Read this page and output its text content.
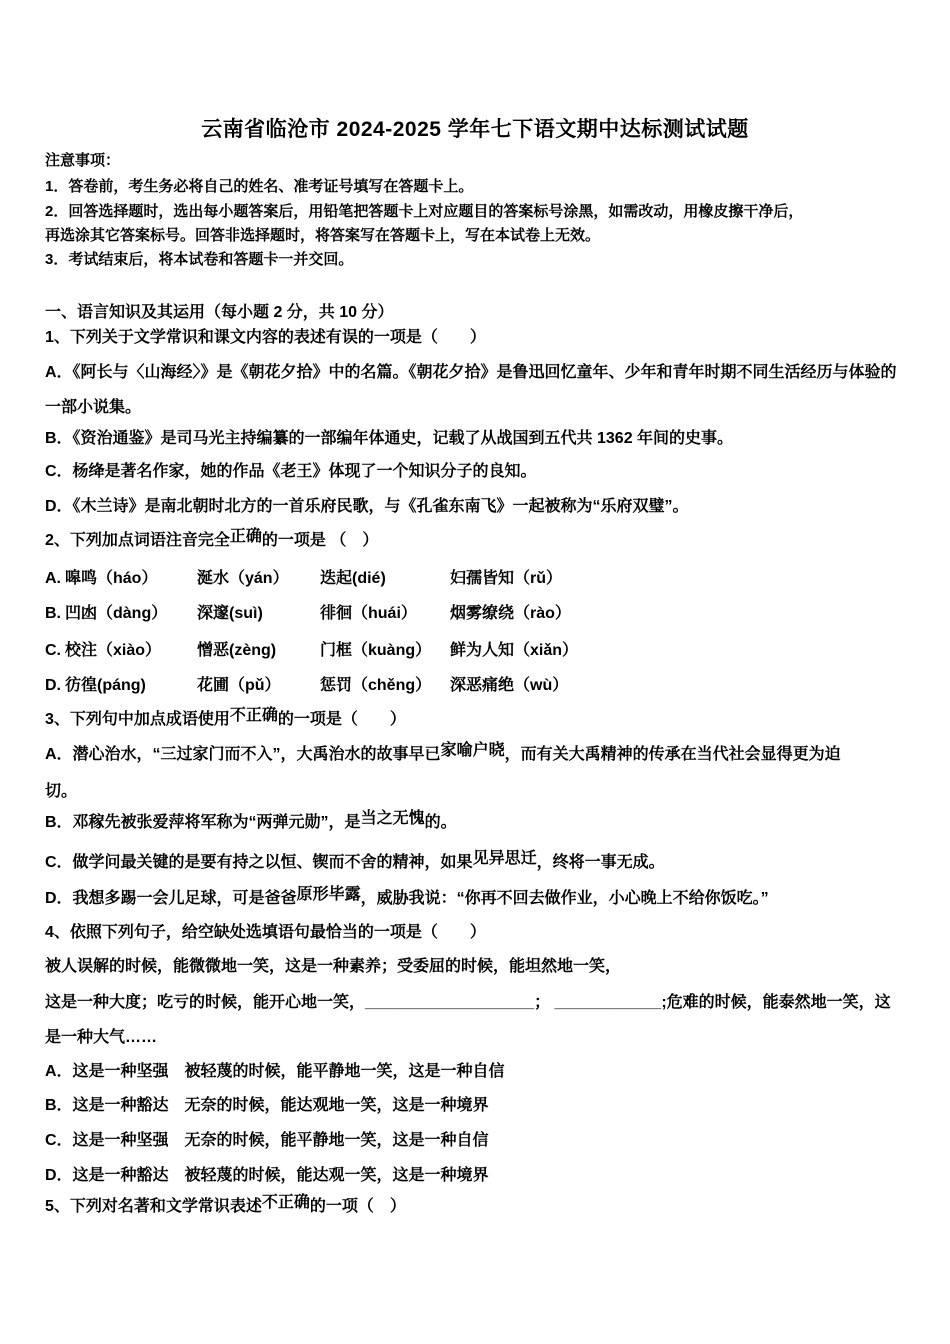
云南省临沧市 2024-2025 学年七下语文期中达标测试试题

注意事项：

1．答卷前，考生务必将自己的姓名、准考证号填写在答题卡上。

2．回答选择题时，选出每小题答案后，用铅笔把答题卡上对应题目的答案标号涂黑，如需改动，用橡皮擦干净后，

再选涂其它答案标号。回答非选择题时，将答案写在答题卡上，写在本试卷上无效。

3．考试结束后，将本试卷和答题卡一并交回。

一、语言知识及其运用（每小题 2 分，共 10 分）

1、下列关于文学常识和课文内容的表述有误的一项是（　　）

A．《阿长与〈山海经〉》是《朝花夕拾》中的名篇。《朝花夕拾》是鲁迅回忆童年、少年和青年时期不同生活经历与体验的

一部小说集。

B．《资治通鉴》是司马光主持编纂的一部编年体通史，记载了从战国到五代共 1362 年间的史事。

C．杨绛是著名作家，她的作品《老王》体现了一个知识分子的良知。

D．《木兰诗》是南北朝时北方的一首乐府民歌，与《孔雀东南飞》一起被称为“乐府双璧”。

2、下列加点词语注音完全正确的一项是 （　）

A. 嗥鸣（háo）	涎水（yán）	迭起(dié)	妇孺皆知（rǔ）
B. 凹凼（dàng）	深邃(suì)	徘徊（huái）	烟雾缭绕（rào）
C. 校注（xiào）	憎恶(zèng)	门框（kuàng）	鲜为人知（xiǎn）
D. 彷徨(páng)	花圃（pǔ）	惩罚（chěng）	深恶痛绝（wù）

3、下列句中加点成语使用不正确的一项是（　　）

A．潜心治水，“三过家门而不入”，大禹治水的故事早已家喻户晓，而有关大禹精神的传承在当代社会显得更为迫

切。

B．邓稼先被张爱萍将军称为“两弹元勋”，是当之无愧的。

C．做学问最关键的是要有持之以恒、锲而不舍的精神，如果见异思迁，终将一事无成。

D．我想多踢一会儿足球，可是爸爸原形毕露，威胁我说：“你再不回去做作业，小心晚上不给你饭吃。”

4、依照下列句子，给空缺处选填语句最恰当的一项是（　　）

被人误解的时候，能微微地一笑，这是一种素养；受委屈的时候，能坦然地一笑，

这是一种大度；吃亏的时候，能开心地一笑，___________________； ____________;危难的时候，能泰然地一笑，这

是一种大气……

A．这是一种坚强　被轻蔑的时候，能平静地一笑，这是一种自信

B．这是一种豁达　无奈的时候，能达观地一笑，这是一种境界

C．这是一种坚强　无奈的时候，能平静地一笑，这是一种自信

D．这是一种豁达　被轻蔑的时候，能达观一笑，这是一种境界

5、下列对名著和文学常识表述不正确的一项（　）
